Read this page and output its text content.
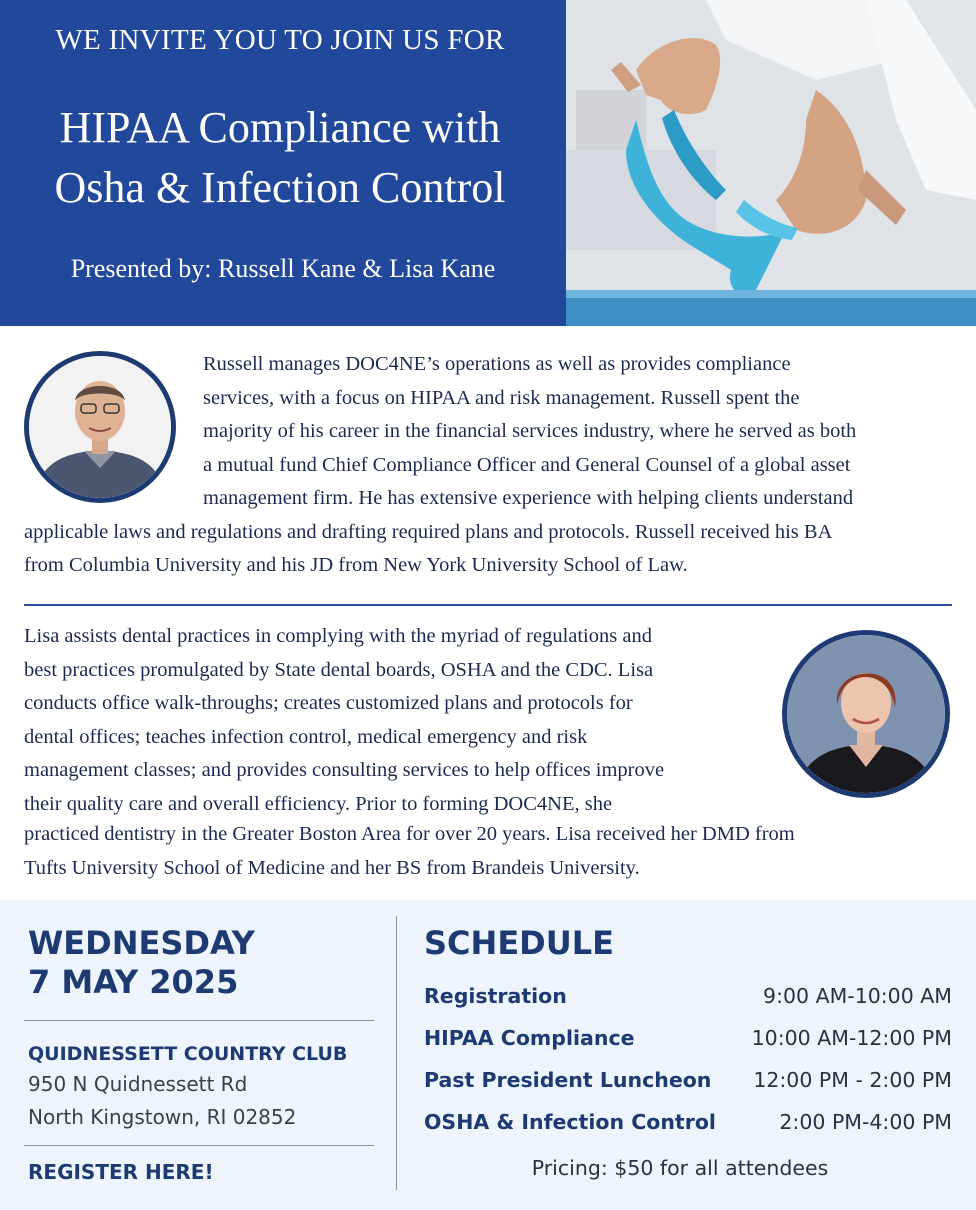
WE INVITE YOU TO JOIN US FOR
HIPAA Compliance with
Osha & Infection Control
Presented by: Russell Kane & Lisa Kane
Russell manages DOC4NE’s operations as well as provides compliance
services, with a focus on HIPAA and risk management. Russell spent the
majority of his career in the financial services industry, where he served as both
a mutual fund Chief Compliance Officer and General Counsel of a global asset
management firm. He has extensive experience with helping clients understand
applicable laws and regulations and drafting required plans and protocols. Russell received his BA
from Columbia University and his JD from New York University School of Law.
Lisa assists dental practices in complying with the myriad of regulations and
best practices promulgated by State dental boards, OSHA and the CDC. Lisa
conducts office walk-throughs; creates customized plans and protocols for
dental offices; teaches infection control, medical emergency and risk
management classes; and provides consulting services to help offices improve
their quality care and overall efficiency. Prior to forming DOC4NE, she
practiced dentistry in the Greater Boston Area for over 20 years. Lisa received her DMD from
Tufts University School of Medicine and her BS from Brandeis University.
WEDNESDAY
7 MAY 2025
QUIDNESSETT COUNTRY CLUB
950 N Quidnessett Rd
North Kingstown, RI 02852
REGISTER HERE!
SCHEDULE
Registration	9:00 AM-10:00 AM
HIPAA Compliance	10:00 AM-12:00 PM
Past President Luncheon 12:00 PM - 2:00 PM
OSHA & Infection Control	2:00 PM-4:00 PM
Pricing: $50 for all attendees
